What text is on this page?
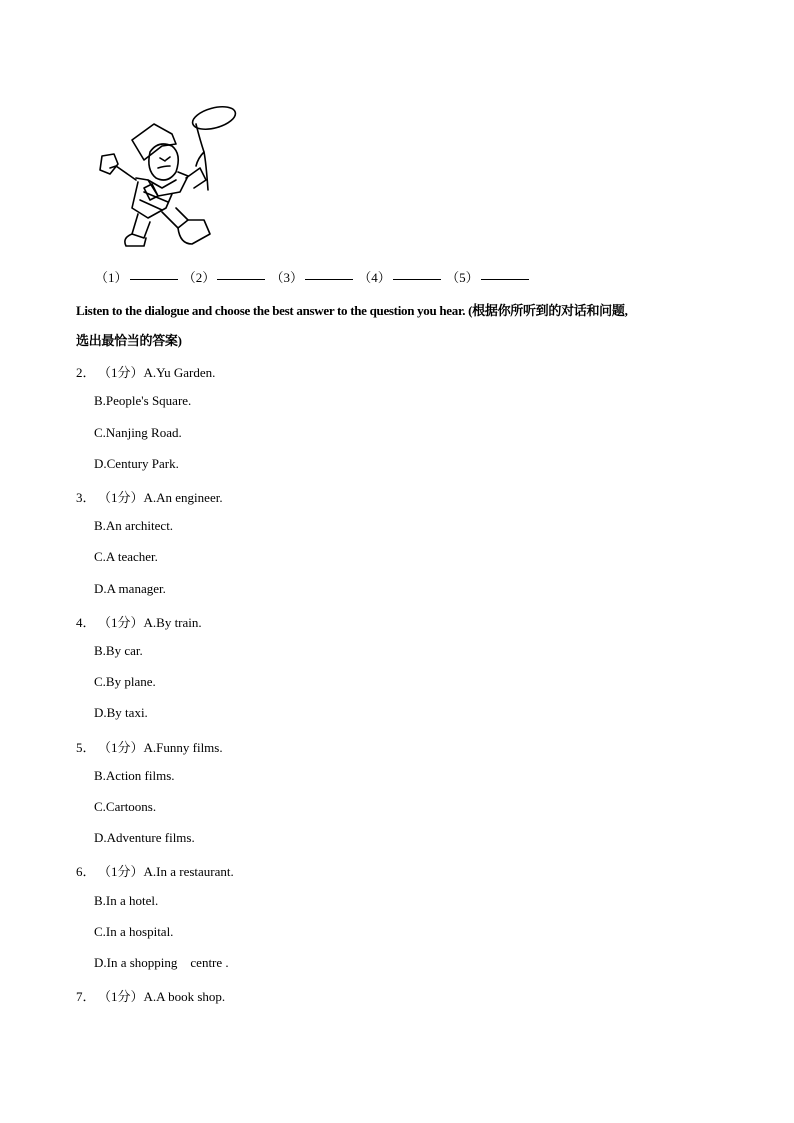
（1）	（2）	（3）	（4）	（5）
Listen to the dialogue and choose the best answer to the question you hear. (根据你所听到的对话和问题,
选出最恰当的答案)
2． （1分）A.Yu Garden.
B.People's Square.
C.Nanjing Road.
D.Century Park.
3． （1分）A.An engineer.
B.An architect.
C.A teacher.
D.A manager.
4． （1分）A.By train.
B.By car.
C.By plane.
D.By taxi.
5． （1分）A.Funny films.
B.Action films.
C.Cartoons.
D.Adventure films.
6． （1分）A.In a restaurant.
B.In a hotel.
C.In a hospital.
D.In a shopping    centre .
7． （1分）A.A book shop.
